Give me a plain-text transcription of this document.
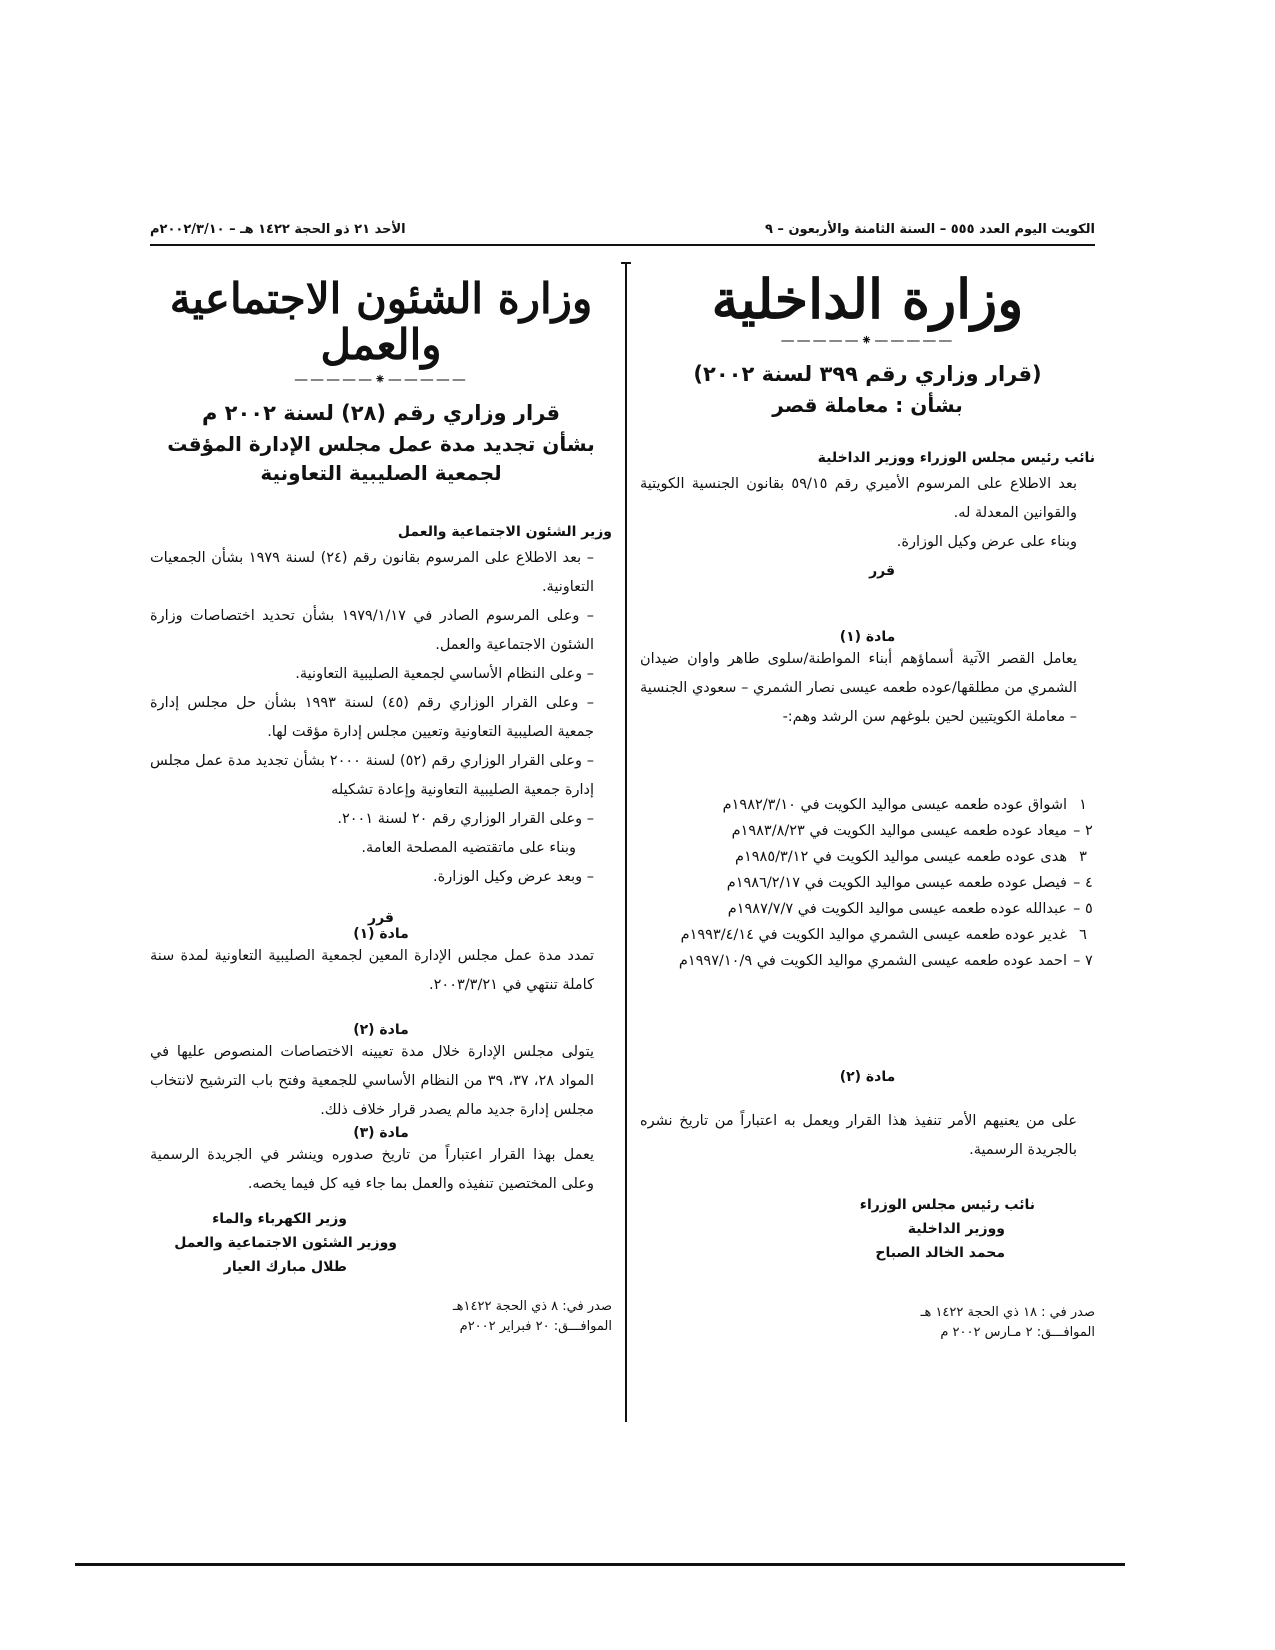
الكويت اليوم العدد ٥٥٥ – السنة الثامنة والأربعون – ٩
الأحد ٢١ ذو الحجة ١٤٢٢ هـ – ٢٠٠٢/٣/١٠م
وزارة الداخلية
—————⁕—————

(قرار وزاري رقم ٣٩٩ لسنة ٢٠٠٢)

بشأن : معاملة قصر

نائب رئيس مجلس الوزراء ووزير الداخلية

بعد الاطلاع على المرسوم الأميري رقم ٥٩/١٥ بقانون الجنسية الكويتية والقوانين المعدلة له.

وبناء على عرض وكيل الوزارة.

قرر

مادة (١)

يعامل القصر الآتية أسماؤهم أبناء المواطنة/سلوى طاهر واوان ضيدان الشمري من مطلقها/عوده طعمه عيسى نصار الشمري – سعودي الجنسية – معاملة الكويتيين لحين بلوغهم سن الرشد وهم:-

١
اشواق عوده طعمه عيسى مواليد الكويت في ١٩٨٢/٣/١٠م
٢ –
ميعاد عوده طعمه عيسى مواليد الكويت في ١٩٨٣/٨/٢٣م
٣
هدى عوده طعمه عيسى مواليد الكويت في ١٩٨٥/٣/١٢م
٤ –
فيصل عوده طعمه عيسى مواليد الكويت في ١٩٨٦/٢/١٧م
٥ –
عبدالله عوده طعمه عيسى مواليد الكويت في ١٩٨٧/٧/٧م
٦
غدير عوده طعمه عيسى الشمري مواليد الكويت في ١٩٩٣/٤/١٤م
٧ –
احمد عوده طعمه عيسى الشمري مواليد الكويت في ١٩٩٧/١٠/٩م

مادة (٢)

على من يعنيهم الأمر تنفيذ هذا القرار ويعمل به اعتباراً من تاريخ نشره بالجريدة الرسمية.

نائب رئيس مجلس الوزراء

ووزير الداخلية

محمد الخالد الصباح

صدر في : ١٨ ذي الحجة ١٤٢٢ هـ

الموافـــق: ٢ مـارس ٢٠٠٢ م

وزارة الشئون الاجتماعية والعمل
—————⁕—————

قرار وزاري رقم (٢٨) لسنة ٢٠٠٢ م

بشأن تجديد مدة عمل مجلس الإدارة المؤقت

لجمعية الصليبية التعاونية

وزير الشئون الاجتماعية والعمل

– بعد الاطلاع على المرسوم بقانون رقم (٢٤) لسنة ١٩٧٩ بشأن الجمعيات التعاونية.

– وعلى المرسوم الصادر في ١٩٧٩/١/١٧ بشأن تحديد اختصاصات وزارة الشئون الاجتماعية والعمل.

– وعلى النظام الأساسي لجمعية الصليبية التعاونية.

– وعلى القرار الوزاري رقم (٤٥) لسنة ١٩٩٣ بشأن حل مجلس إدارة جمعية الصليبية التعاونية وتعيين مجلس إدارة مؤقت لها.

– وعلى القرار الوزاري رقم (٥٢) لسنة ٢٠٠٠ بشأن تجديد مدة عمل مجلس إدارة جمعية الصليبية التعاونية وإعادة تشكيله

– وعلى القرار الوزاري رقم ٢٠ لسنة ٢٠٠١.

وبناء على ماتقتضيه المصلحة العامة.

– وبعد عرض وكيل الوزارة.

قرر

مادة (١)

تمدد مدة عمل مجلس الإدارة المعين لجمعية الصليبية التعاونية لمدة سنة كاملة تنتهي في ٢٠٠٣/٣/٢١.

مادة (٢)

يتولى مجلس الإدارة خلال مدة تعيينه الاختصاصات المنصوص عليها في المواد ٢٨، ٣٧، ٣٩ من النظام الأساسي للجمعية وفتح باب الترشيح لانتخاب مجلس إدارة جديد مالم يصدر قرار خلاف ذلك.

مادة (٣)

يعمل بهذا القرار اعتباراً من تاريخ صدوره وينشر في الجريدة الرسمية وعلى المختصين تنفيذه والعمل بما جاء فيه كل فيما يخصه.

وزير الكهرباء والماء

ووزير الشئون الاجتماعية والعمل

طلال مبارك العيار

صدر في: ٨ ذي الحجة ١٤٢٢هـ

الموافـــق: ٢٠ فبراير ٢٠٠٢م
